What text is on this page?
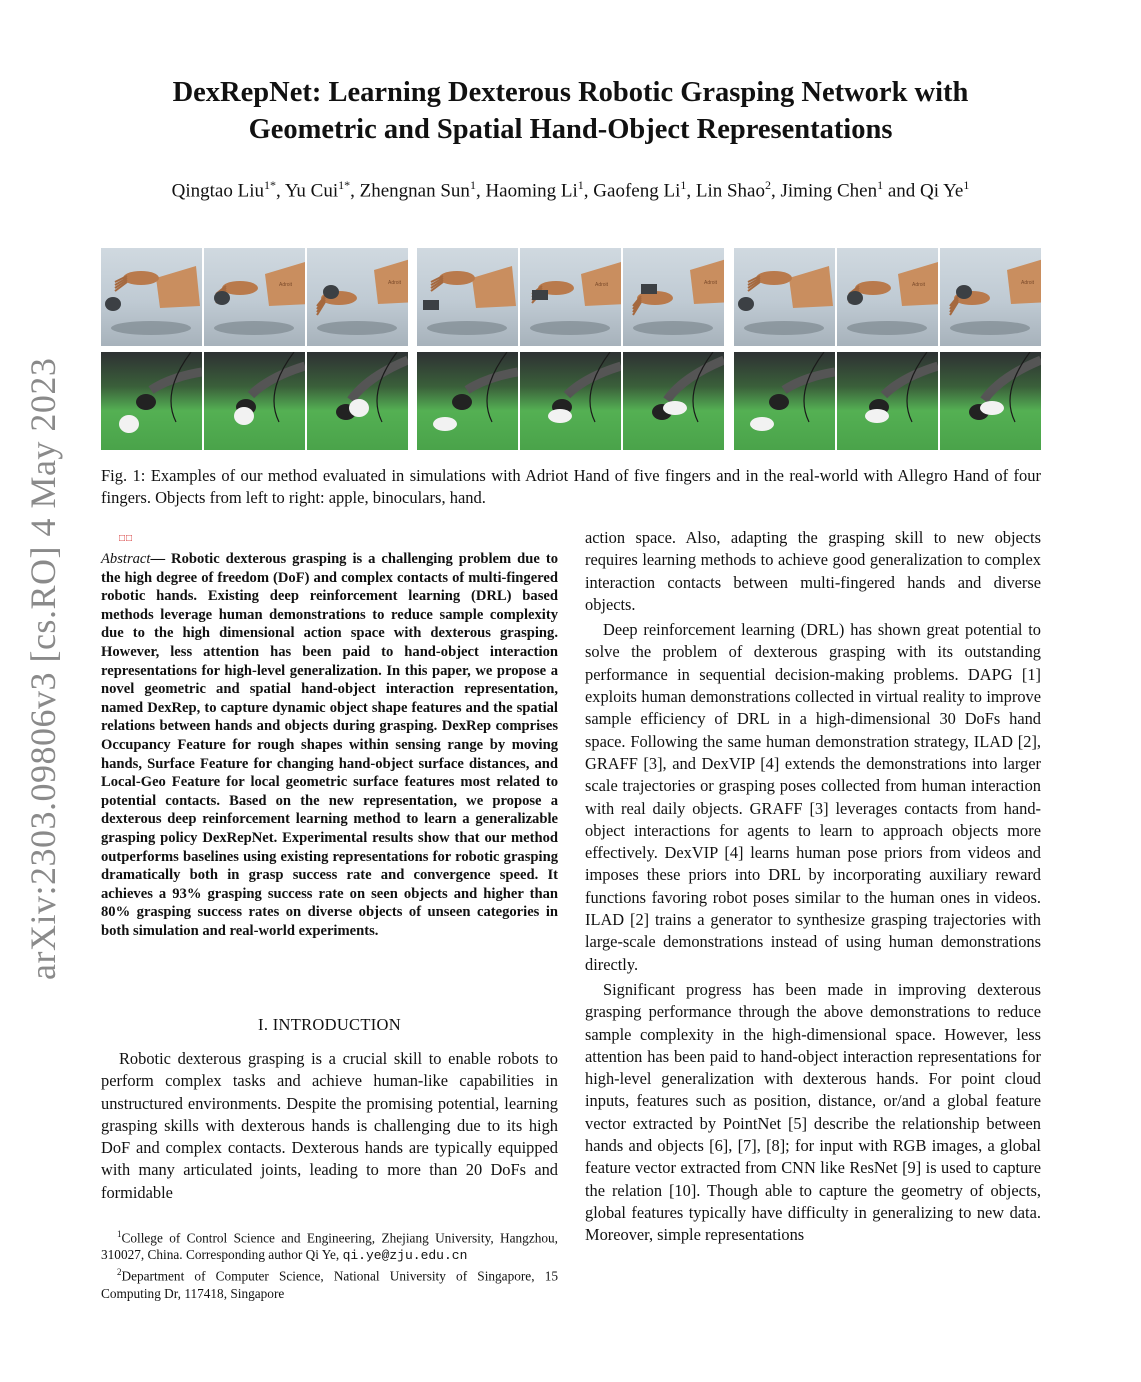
arXiv:2303.09806v3 [cs.RO] 4 May 2023
DexRepNet: Learning Dexterous Robotic Grasping Network with
Geometric and Spatial Hand-Object Representations
Qingtao Liu$^{1*}$, Yu Cui$^{1*}$, Zhengnan Sun$^1$, Haoming Li$^1$, Gaofeng Li$^1$, Lin Shao$^2$, Jiming Chen$^1$ and Qi Ye$^1$
Adroit	Adroit	Adroit	Adroit	Adroit	Adroit
Fig. 1: Examples of our method evaluated in simulations with Adriot Hand of five fingers and in the real-world with Allegro Hand of four fingers. Objects from left to right: apple, binoculars, hand.
□□
Abstract— Robotic dexterous grasping is a challenging problem due to the high degree of freedom (DoF) and complex contacts of multi-fingered robotic hands. Existing deep reinforcement learning (DRL) based methods leverage human demonstrations to reduce sample complexity due to the high dimensional action space with dexterous grasping. However, less attention has been paid to hand-object interaction representations for high-level generalization. In this paper, we propose a novel geometric and spatial hand-object interaction representation, named DexRep, to capture dynamic object shape features and the spatial relations between hands and objects during grasping. DexRep comprises Occupancy Feature for rough shapes within sensing range by moving hands, Surface Feature for changing hand-object surface distances, and Local-Geo Feature for local geometric surface features most related to potential contacts. Based on the new representation, we propose a dexterous deep reinforcement learning method to learn a generalizable grasping policy DexRepNet. Experimental results show that our method outperforms baselines using existing representations for robotic grasping dramatically both in grasp success rate and convergence speed. It achieves a 93% grasping success rate on seen objects and higher than 80% grasping success rates on diverse objects of unseen categories in both simulation and real-world experiments.
I. INTRODUCTION

Robotic dexterous grasping is a crucial skill to enable robots to perform complex tasks and achieve human-like capabilities in unstructured environments. Despite the promising potential, learning grasping skills with dexterous hands is challenging due to its high DoF and complex contacts. Dexterous hands are typically equipped with many articulated joints, leading to more than 20 DoFs and formidable

$^1$College of Control Science and Engineering, Zhejiang University, Hangzhou, 310027, China. Corresponding author Qi Ye, qi.ye@zju.edu.cn

$^2$Department of Computer Science, National University of Singapore, 15 Computing Dr, 117418, Singapore

action space. Also, adapting the grasping skill to new objects requires learning methods to achieve good generalization to complex interaction contacts between multi-fingered hands and diverse objects.

Deep reinforcement learning (DRL) has shown great potential to solve the problem of dexterous grasping with its outstanding performance in sequential decision-making problems. DAPG [1] exploits human demonstrations collected in virtual reality to improve sample efficiency of DRL in a high-dimensional 30 DoFs hand space. Following the same human demonstration strategy, ILAD [2], GRAFF [3], and DexVIP [4] extends the demonstrations into larger scale trajectories or grasping poses collected from human interaction with real daily objects. GRAFF [3] leverages contacts from hand-object interactions for agents to learn to approach objects more effectively. DexVIP [4] learns human pose priors from videos and imposes these priors into DRL by incorporating auxiliary reward functions favoring robot poses similar to the human ones in videos. ILAD [2] trains a generator to synthesize grasping trajectories with large-scale demonstrations instead of using human demonstrations directly.

Significant progress has been made in improving dexterous grasping performance through the above demonstrations to reduce sample complexity in the high-dimensional space. However, less attention has been paid to hand-object interaction representations for high-level generalization with dexterous hands. For point cloud inputs, features such as position, distance, or/and a global feature vector extracted by PointNet [5] describe the relationship between hands and objects [6], [7], [8]; for input with RGB images, a global feature vector extracted from CNN like ResNet [9] is used to capture the relation [10]. Though able to capture the geometry of objects, global features typically have difficulty in generalizing to new data. Moreover, simple representations
